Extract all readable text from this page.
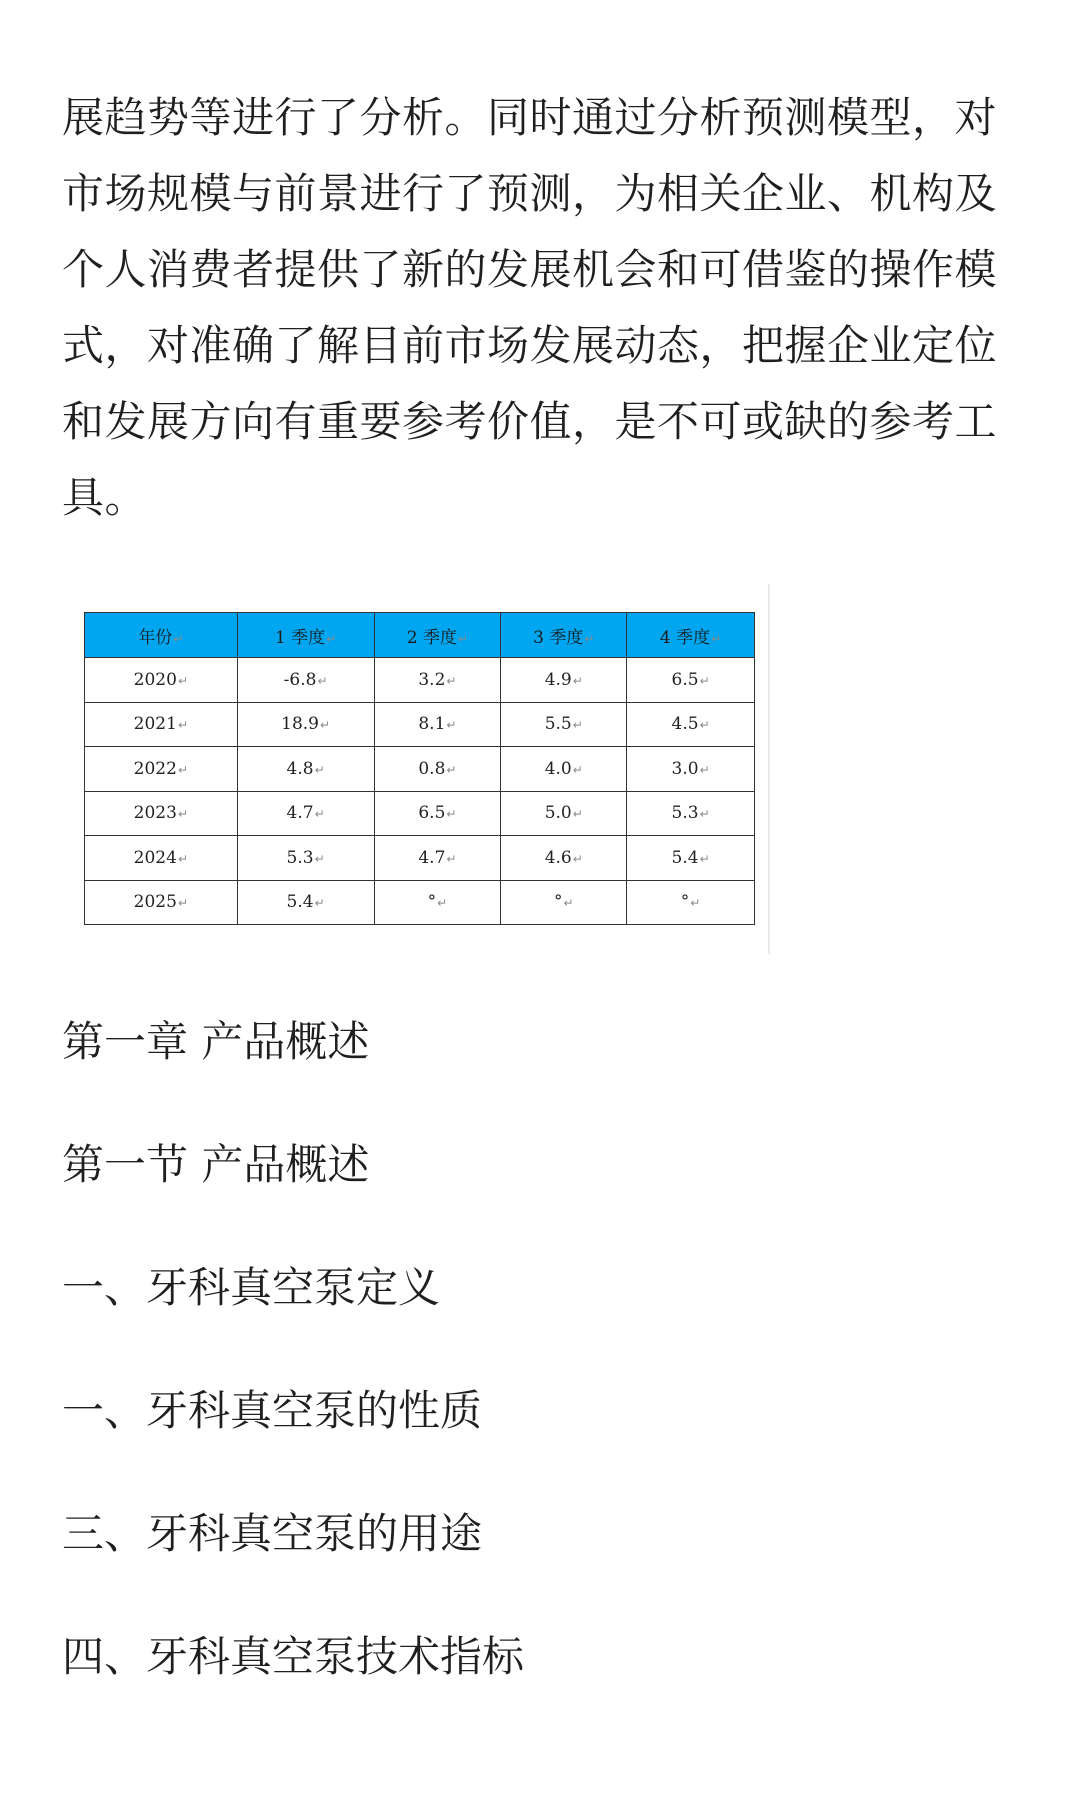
展趋势等进行了分析。同时通过分析预测模型，对市场规模与前景进行了预测，为相关企业、机构及个人消费者提供了新的发展机会和可借鉴的操作模式，对准确了解目前市场发展动态，把握企业定位和发展方向有重要参考价值，是不可或缺的参考工具。

年份↵	1 季度↵	2 季度↵	3 季度↵	4 季度↵
2020↵	-6.8↵	3.2↵	4.9↵	6.5↵
2021↵	18.9↵	8.1↵	5.5↵	4.5↵
2022↵	4.8↵	0.8↵	4.0↵	3.0↵
2023↵	4.7↵	6.5↵	5.0↵	5.3↵
2024↵	5.3↵	4.7↵	4.6↵	5.4↵
2025↵	5.4↵	°↵	°↵	°↵
第一章 产品概述
第一节 产品概述
一、牙科真空泵定义
一、牙科真空泵的性质
三、牙科真空泵的用途
四、牙科真空泵技术指标
